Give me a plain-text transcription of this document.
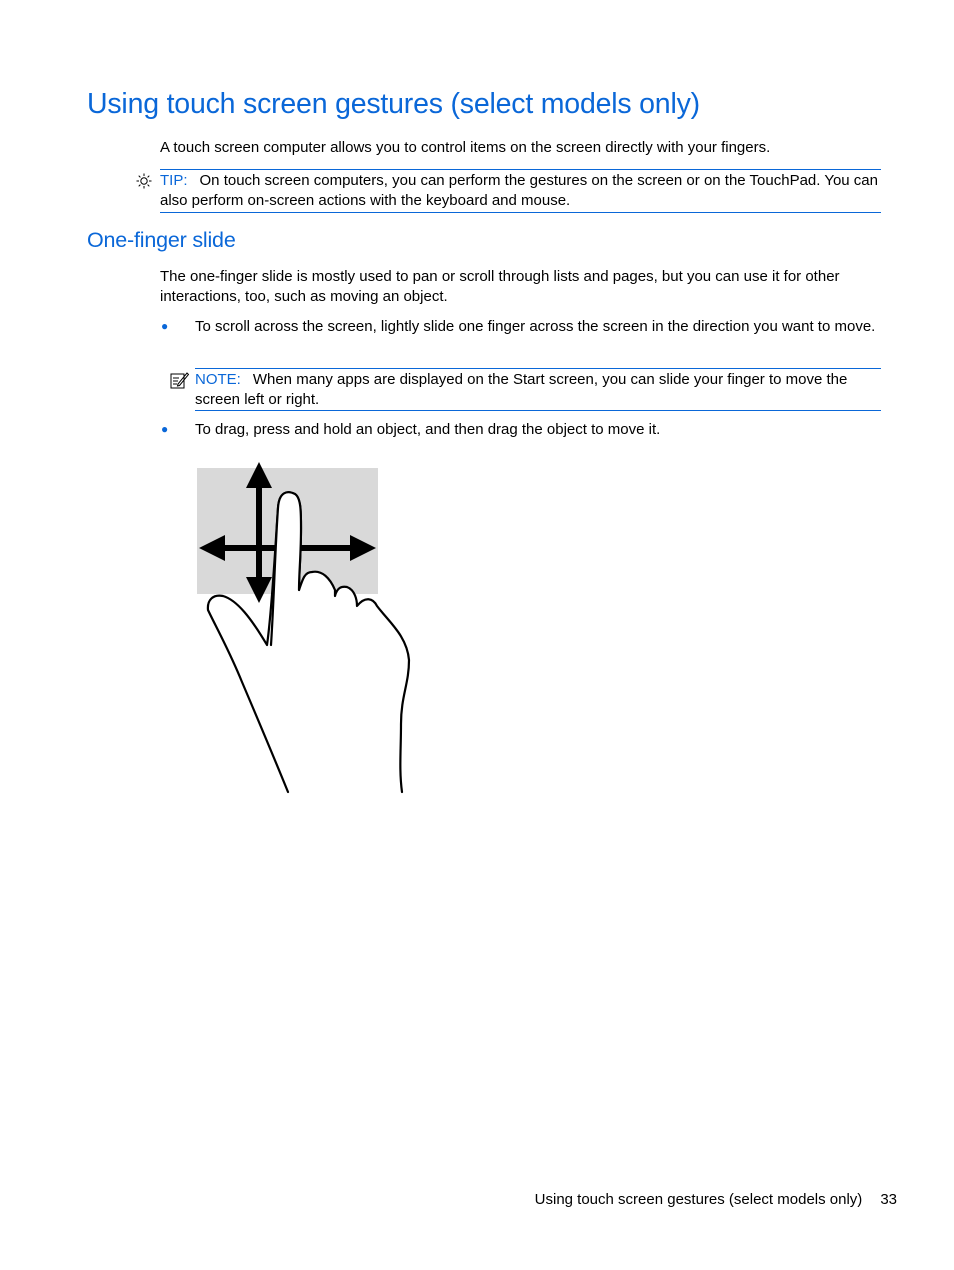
Using touch screen gestures (select models only)

A touch screen computer allows you to control items on the screen directly with your fingers.

TIP: On touch screen computers, you can perform the gestures on the screen or on the TouchPad. You can also perform on-screen actions with the keyboard and mouse.
One-finger slide

The one-finger slide is mostly used to pan or scroll through lists and pages, but you can use it for other interactions, too, such as moving an object.

● To scroll across the screen, lightly slide one finger across the screen in the direction you want to move.
NOTE: When many apps are displayed on the Start screen, you can slide your finger to move the screen left or right.
● To drag, press and hold an object, and then drag the object to move it.
Using touch screen gestures (select models only) 33
